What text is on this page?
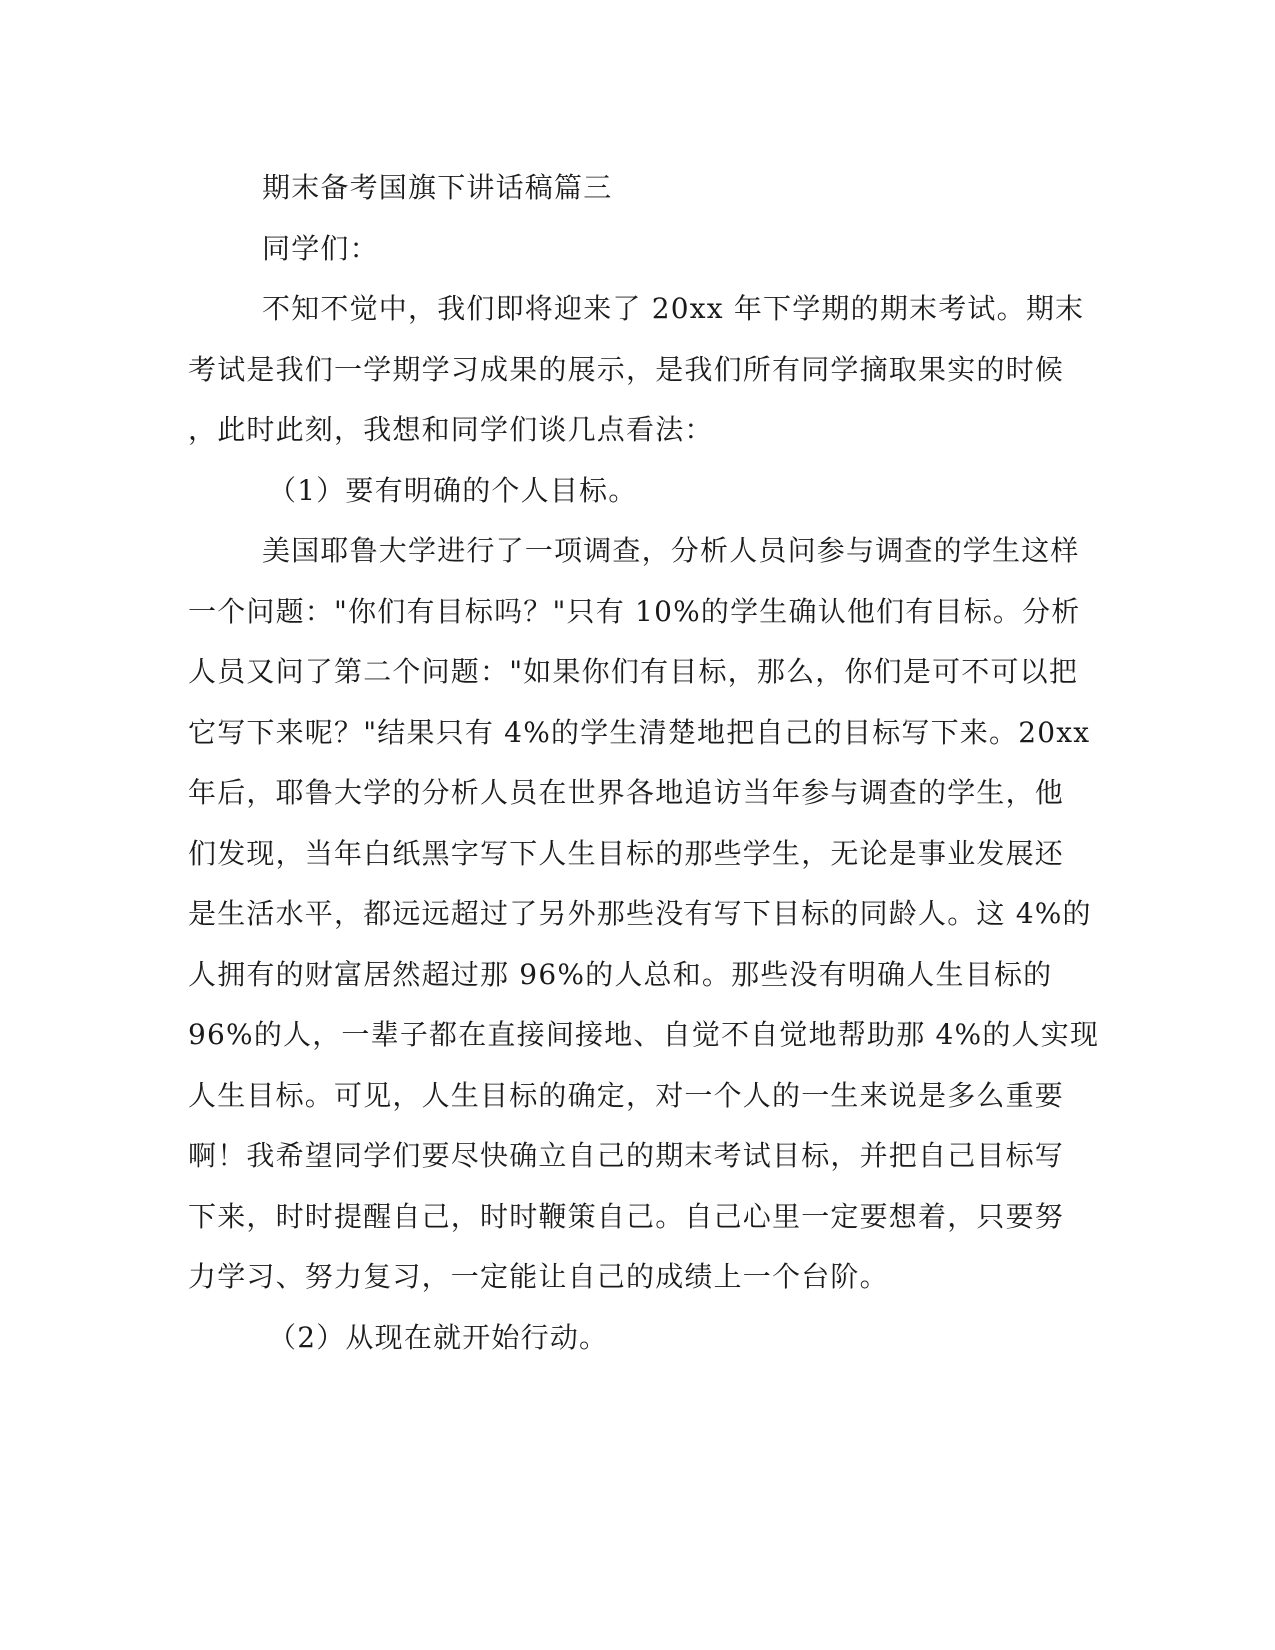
期末备考国旗下讲话稿篇三
同学们：
不知不觉中，我们即将迎来了 20xx 年下学期的期末考试。期末
考试是我们一学期学习成果的展示，是我们所有同学摘取果实的时候
，此时此刻，我想和同学们谈几点看法：
（1）要有明确的个人目标。
美国耶鲁大学进行了一项调查，分析人员问参与调查的学生这样
一个问题："你们有目标吗？"只有 10%的学生确认他们有目标。分析
人员又问了第二个问题："如果你们有目标，那么，你们是可不可以把
它写下来呢？"结果只有 4%的学生清楚地把自己的目标写下来。20xx
年后，耶鲁大学的分析人员在世界各地追访当年参与调查的学生，他
们发现，当年白纸黑字写下人生目标的那些学生，无论是事业发展还
是生活水平，都远远超过了另外那些没有写下目标的同龄人。这 4%的
人拥有的财富居然超过那 96%的人总和。那些没有明确人生目标的
96%的人，一辈子都在直接间接地、自觉不自觉地帮助那 4%的人实现
人生目标。可见，人生目标的确定，对一个人的一生来说是多么重要
啊！我希望同学们要尽快确立自己的期末考试目标，并把自己目标写
下来，时时提醒自己，时时鞭策自己。自己心里一定要想着，只要努
力学习、努力复习，一定能让自己的成绩上一个台阶。
（2）从现在就开始行动。
